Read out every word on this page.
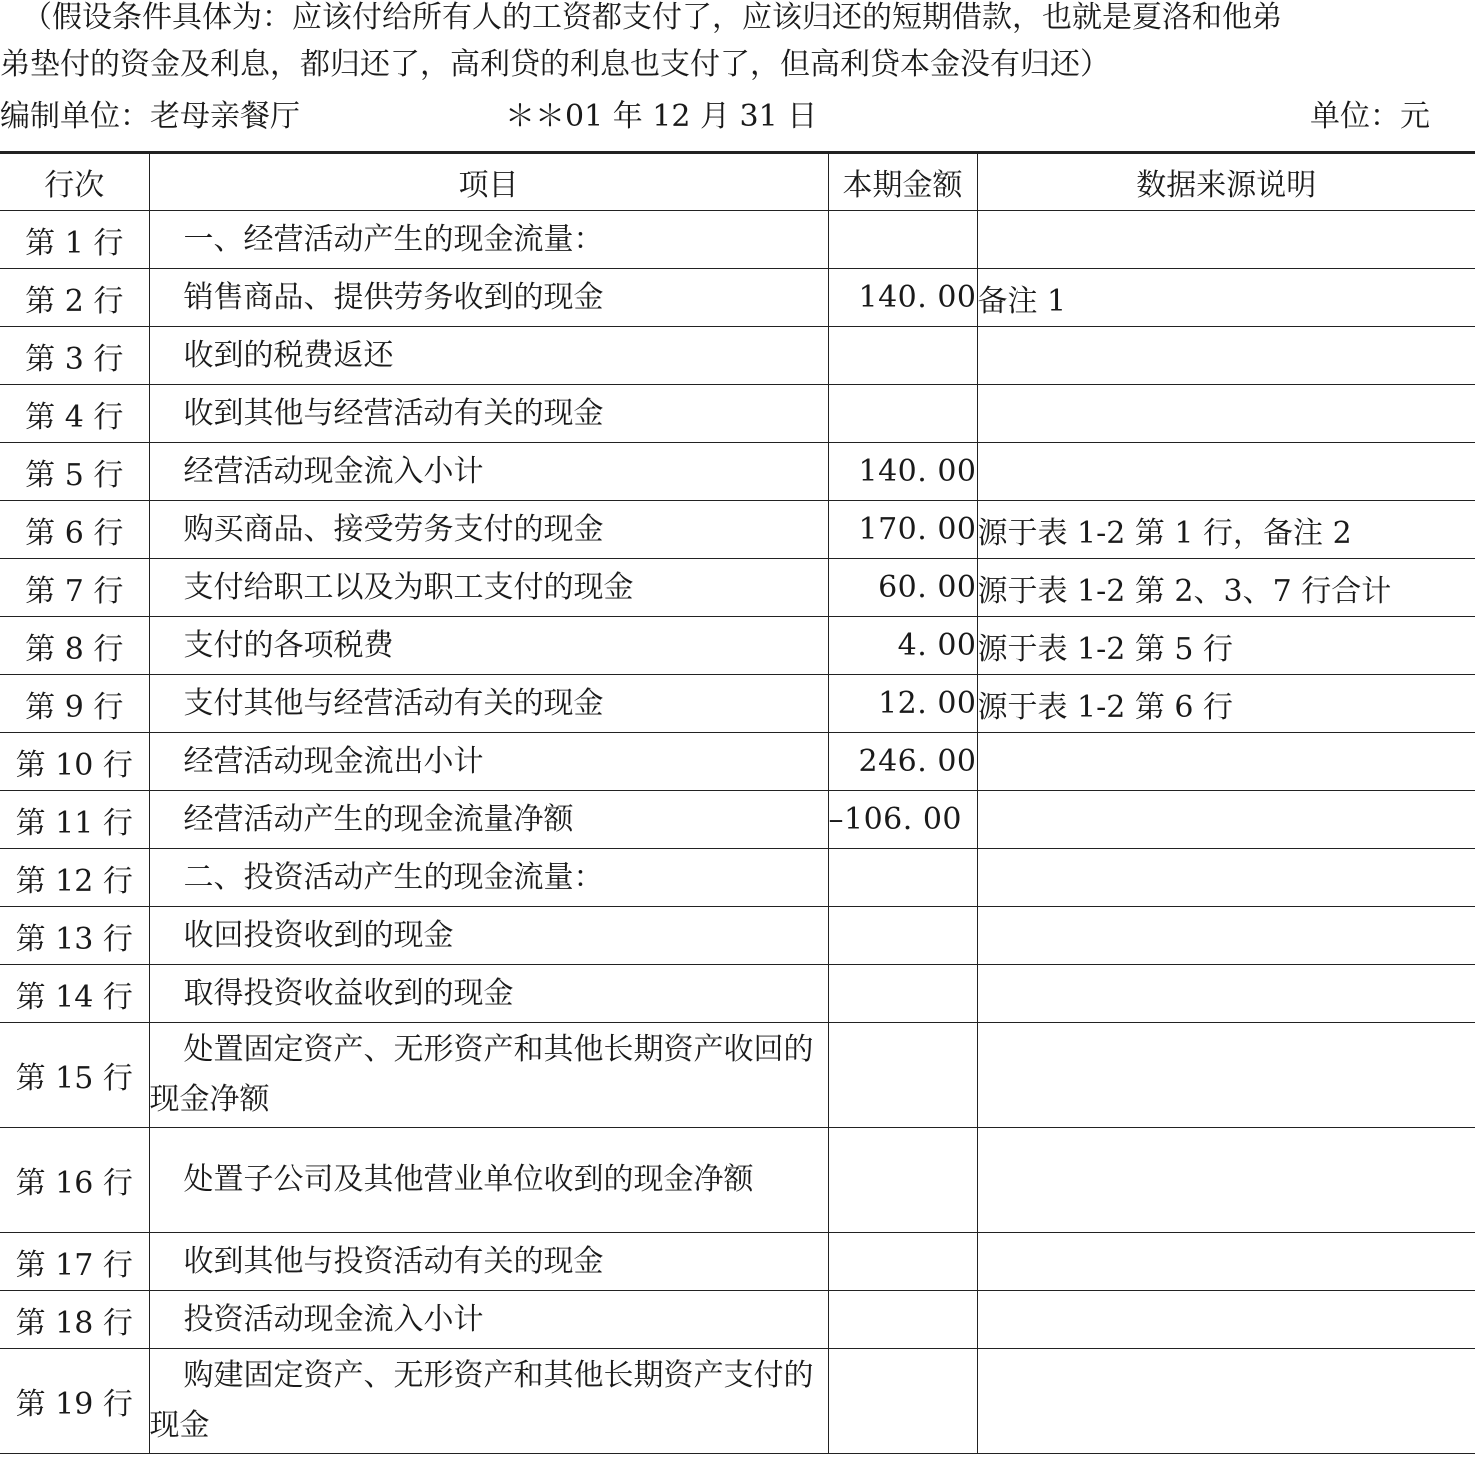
（假设条件具体为：应该付给所有人的工资都支付了，应该归还的短期借款，也就是夏洛和他弟
弟垫付的资金及利息，都归还了，高利贷的利息也支付了，但高利贷本金没有归还）
编制单位：老母亲餐厅	＊＊01 年 12 月 31 日	单位：元
行次	项目	本期金额	数据来源说明
第 1 行	一、经营活动产生的现金流量：		
第 2 行	销售商品、提供劳务收到的现金	140. 00	备注 1
第 3 行	收到的税费返还		
第 4 行	收到其他与经营活动有关的现金		
第 5 行	经营活动现金流入小计	140. 00	
第 6 行	购买商品、接受劳务支付的现金	170. 00	源于表 1-2 第 1 行，备注 2
第 7 行	支付给职工以及为职工支付的现金	60. 00	源于表 1-2 第 2、3、7 行合计
第 8 行	支付的各项税费	4. 00	源于表 1-2 第 5 行
第 9 行	支付其他与经营活动有关的现金	12. 00	源于表 1-2 第 6 行
第 10 行	经营活动现金流出小计	246. 00	
第 11 行	经营活动产生的现金流量净额	–106. 00	
第 12 行	二、投资活动产生的现金流量：		
第 13 行	收回投资收到的现金		
第 14 行	取得投资收益收到的现金		
第 15 行	处置固定资产、无形资产和其他长期资产收回的现金净额		
第 16 行	处置子公司及其他营业单位收到的现金净额		
第 17 行	收到其他与投资活动有关的现金		
第 18 行	投资活动现金流入小计		
第 19 行	购建固定资产、无形资产和其他长期资产支付的现金		
